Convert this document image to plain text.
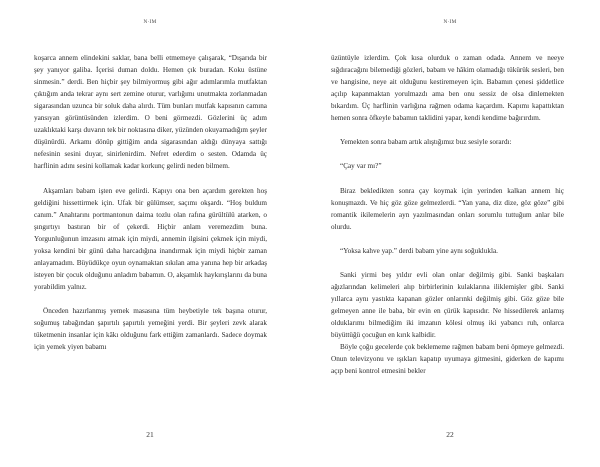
N·IM

koşarca annem elindekini saklar, bana belli etmemeye çalışarak, “Dışarıda bir şey yanıyor galiba. İçerisi duman doldu. Hemen çık buradan. Koku üstüne sinmesin.” derdi. Ben hiçbir şey bilmiyormuş gibi ağır adımlarımla mutfaktan çıktığım anda tekrar aynı sert zemine oturur, varlığımı unutmakta zorlanmadan sigarasından uzunca bir soluk daha alırdı. Tüm bunları mutfak kapısının camına yansıyan görüntüsünden izlerdim. O beni görmezdi. Gözlerini üç adım uzaklıktaki karşı duvarın tek bir noktasına diker, yüzünden okuyamadığım şeyler düşünürdü. Arkamı dönüp gittiğim anda sigarasından aldığı dünyaya sattığı nefesinin sesini duyar, sinirlenirdim. Nefret ederdim o sesten. Odamda üç harflinin adını sesini kollamak kadar korkunç gelirdi neden bilmem.

Akşamları babam işten eve gelirdi. Kapıyı ona ben açardım gerekten hoş geldiğini hissettirmek için. Ufak bir gülümser, saçımı okşardı. “Hoş buldum canım.” Anahtarını portmantonun daima tozlu olan rafına gürültülü atarken, o şıngırtıyı bastıran bir of çekerdi. Hiçbir anlam veremezdim buna. Yorgunluğunun imzasını atmak için miydi, annemin ilgisini çekmek için miydi, yoksa kendini bir günü daha harcadığına inandırmak için miydi hiçbir zaman anlayamadım. Büyüdükçe oyun oynamaktan sıkılan ama yanına hep bir arkadaş isteyen bir çocuk olduğunu anladım babamın. O, akşamlık haykırışlarını da buna yorabildim yalnız.

Önceden hazırlanmış yemek masasına tüm heybetiyle tek başına oturur, soğumuş tabağından şapırtılı şapırtılı yemeğini yerdi. Bir şeyleri zevk alarak tüketmenin insanlar için kâkı olduğunu fark ettiğim zamanlardı. Sadece doymak için yemek yiyen babamı

21
N·IM

üzüntüyle izlerdim. Çok kısa olurduk o zaman odada. Annem ve neeye sığdıracağını bilemediği gözleri, babam ve hâkim olamadığı tükürük sesleri, ben ve hangisine, neye ait olduğunu kestiremeyen için. Babamın çenesi şiddetlice açılıp kapanmaktan yorulmazdı ama ben onu sessiz de olsa dinlemekten bıkardım. Üç harflinin varlığına rağmen odama kaçardım. Kapımı kapattıktan hemen sonra öfkeyle babamın taklidini yapar, kendi kendime bağırırdım.

Yemekten sonra babam artık alıştığımız buz sesiyle sorardı:

“Çay var mı?”

Biraz bekledikten sonra çay koymak için yerinden kalkan annem hiç konuşmazdı. Ve hiç göz göze gelmezlerdi. “Yan yana, diz dize, göz göze” gibi romantik ikilemelerin ayn yazılmasından onları sorumlu tuttuğum anlar bile olurdu.

“Yoksa kahve yap.” derdi babam yine aynı soğuklukla.

Sanki yirmi beş yıldır evli olan onlar değilmiş gibi. Sanki başkaları ağızlarından kelimeleri alıp birbirlerinin kulaklarına iliklemişler gibi. Sanki yıllarca aynı yastıkta kapanan gözler onlarınki değilmiş gibi. Göz göze bile gelmeyen anne ile baba, bir evin en çürük kapısıdır. Ne hissedilerek anlamış olduklarımı bilmediğim iki imzanın kölesi olmuş iki yabancı ruh, onlarca büyüttüğü çocuğun en kırık kalbidir.

Böyle çoğu gecelerde çok beklememe rağmen babam beni öpmeye gelmezdi. Onun televizyonu ve ışıkları kapatıp uyumaya gitmesini, giderken de kapımı açıp beni kontrol etmesini bekler

22
